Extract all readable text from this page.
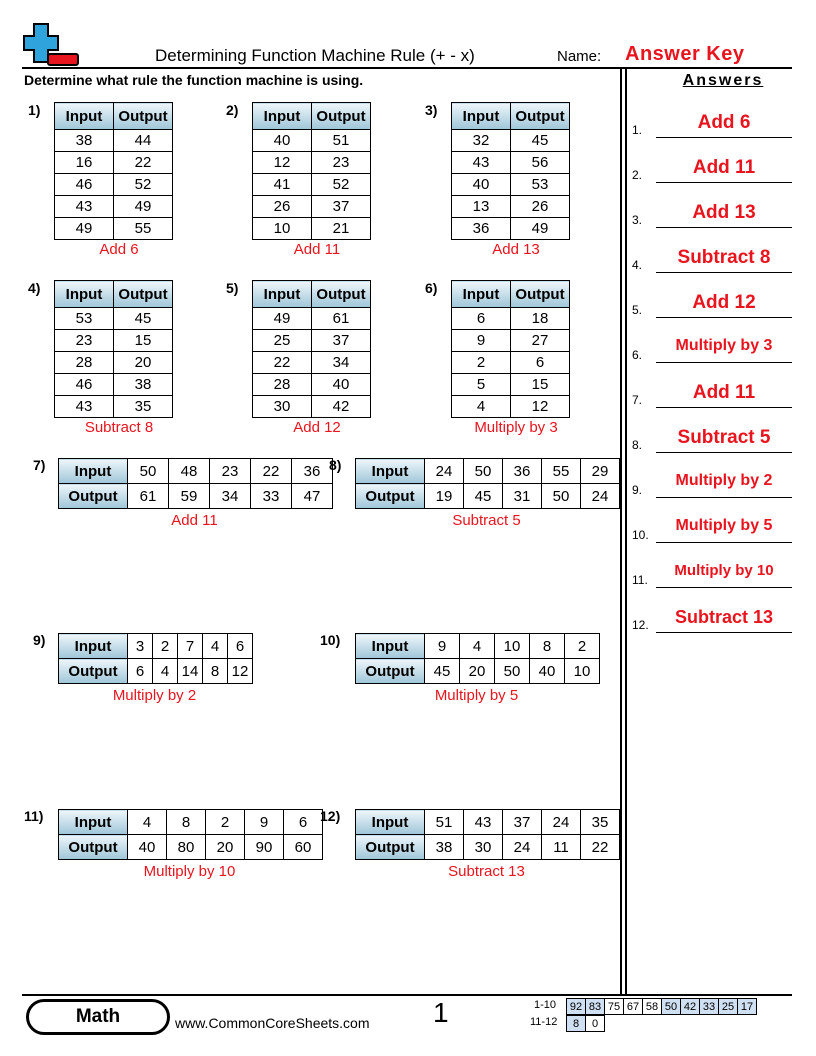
Determining Function Machine Rule (+ - x)	Name: Answer Key
Determine what rule the function machine is using.	Answers
1) Input	Output
38	44
16	22
46	52
43	49
49	55
Add 6
2) Input	Output
40	51
12	23
41	52
26	37
10	21
Add 11
3) Input	Output
32	45
43	56
40	53
13	26
36	49
Add 13
4) Input	Output
53	45
23	15
28	20
46	38
43	35
Subtract 8
5) Input	Output
49	61
25	37
22	34
28	40
30	42
Add 12
6) Input	Output
6	18
9	27
2	6
5	15
4	12
Multiply by 3
7) Input	50	48	23	22	36
Output	61	59	34	33	47
Add 11
8) Input	24	50	36	55	29
Output	19	45	31	50	24
Subtract 5
9) Input	3	2	7	4	6
Output	6	4	14	8	12
Multiply by 2
10) Input	9	4	10	8	2
Output	45	20	50	40	10
Multiply by 5
11) Input	4	8	2	9	6
Output	40	80	20	90	60
Multiply by 10
12) Input	51	43	37	24	35
Output	38	30	24	11	22
Subtract 13
1.	Add 6
2.	Add 11
3.	Add 13
4.	Subtract 8
5.	Add 12
6.
Multiply by 3
7.	Add 11
8.	Subtract 5
9.
Multiply by 2
10.
Multiply by 5
11.
Multiply by 10
12.	Subtract 13
Math	www.CommonCoreSheets.com 1	1-10 92	83	75	67	58	50	42	33	25	17
11-12 8	0
